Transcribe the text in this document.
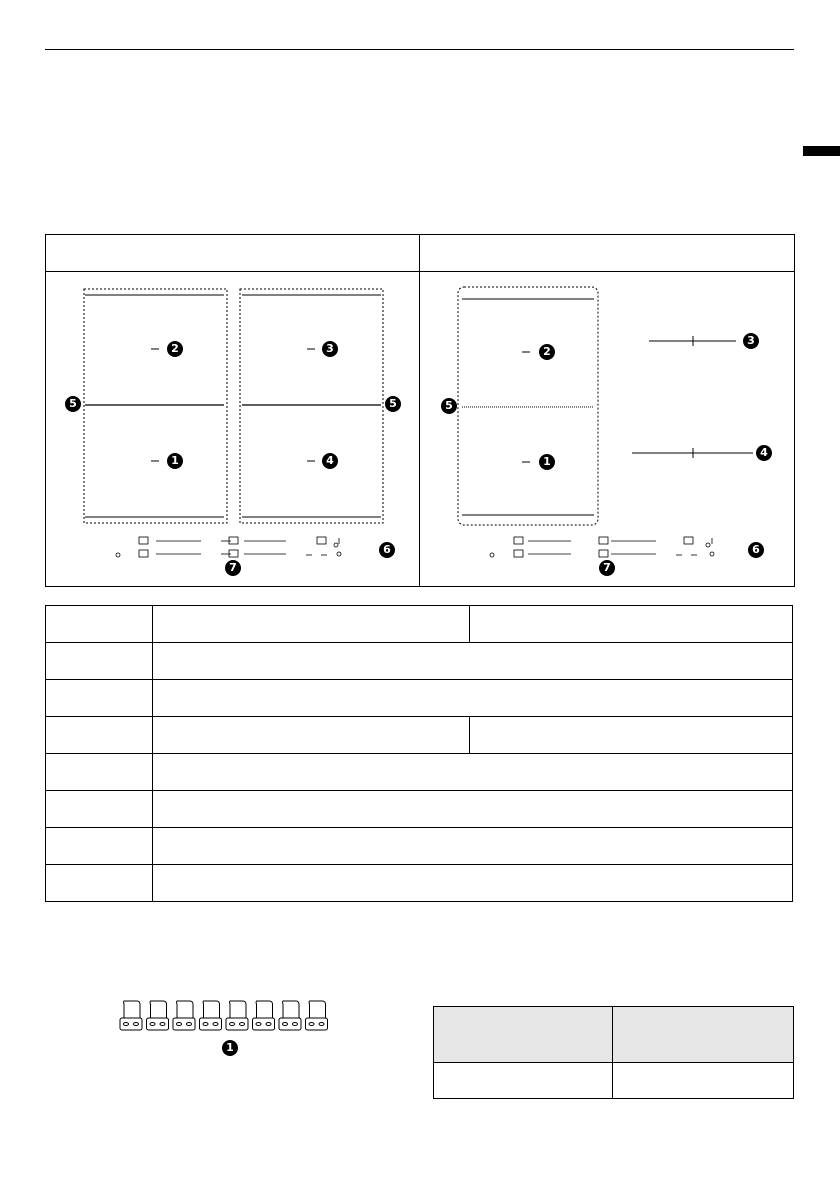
2
1
3
4
5	5
6
7
2
1
3
4
5
6
7

1
